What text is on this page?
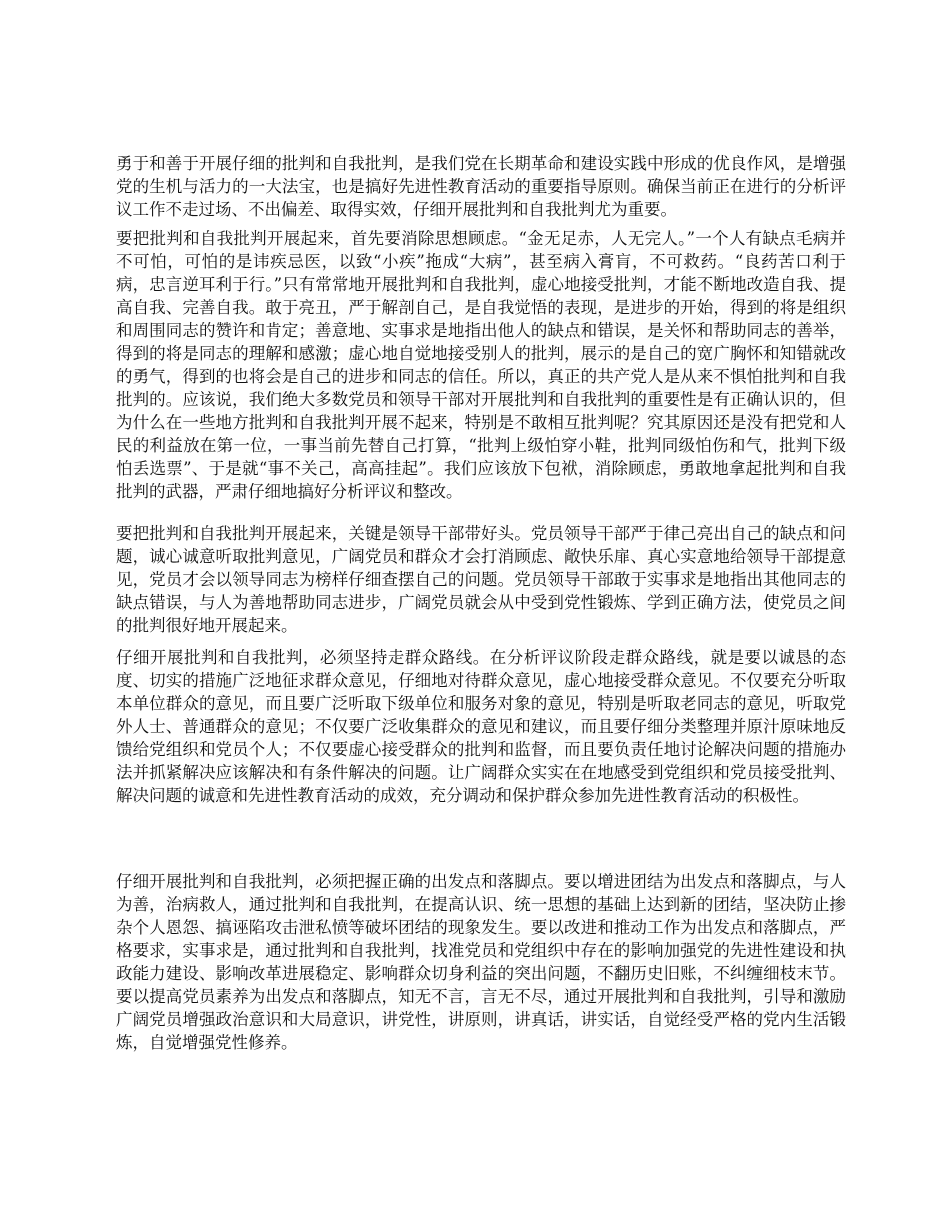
勇于和善于开展仔细的批判和自我批判，是我们党在长期革命和建设实践中形成的优良作风，是增强党的生机与活力的一大法宝，也是搞好先进性教育活动的重要指导原则。确保当前正在进行的分析评议工作不走过场、不出偏差、取得实效，仔细开展批判和自我批判尤为重要。

要把批判和自我批判开展起来，首先要消除思想顾虑。“金无足赤，人无完人。”一个人有缺点毛病并不可怕，可怕的是讳疾忌医，以致“小疾”拖成“大病”，甚至病入膏肓，不可救药。“良药苦口利于病，忠言逆耳利于行。”只有常常地开展批判和自我批判，虚心地接受批判，才能不断地改造自我、提高自我、完善自我。敢于亮丑，严于解剖自己，是自我觉悟的表现，是进步的开始，得到的将是组织和周围同志的赞许和肯定；善意地、实事求是地指出他人的缺点和错误，是关怀和帮助同志的善举，得到的将是同志的理解和感激；虚心地自觉地接受别人的批判，展示的是自己的宽广胸怀和知错就改的勇气，得到的也将会是自己的进步和同志的信任。所以，真正的共产党人是从来不惧怕批判和自我批判的。应该说，我们绝大多数党员和领导干部对开展批判和自我批判的重要性是有正确认识的，但为什么在一些地方批判和自我批判开展不起来，特别是不敢相互批判呢？究其原因还是没有把党和人民的利益放在第一位，一事当前先替自己打算，“批判上级怕穿小鞋，批判同级怕伤和气，批判下级怕丢选票”、于是就“事不关己，高高挂起”。我们应该放下包袱，消除顾虑，勇敢地拿起批判和自我批判的武器，严肃仔细地搞好分析评议和整改。

要把批判和自我批判开展起来，关键是领导干部带好头。党员领导干部严于律己亮出自己的缺点和问题，诚心诚意听取批判意见，广阔党员和群众才会打消顾虑、敞快乐扉、真心实意地给领导干部提意见，党员才会以领导同志为榜样仔细查摆自己的问题。党员领导干部敢于实事求是地指出其他同志的缺点错误，与人为善地帮助同志进步，广阔党员就会从中受到党性锻炼、学到正确方法，使党员之间的批判很好地开展起来。

仔细开展批判和自我批判，必须坚持走群众路线。在分析评议阶段走群众路线，就是要以诚恳的态度、切实的措施广泛地征求群众意见，仔细地对待群众意见，虚心地接受群众意见。不仅要充分听取本单位群众的意见，而且要广泛听取下级单位和服务对象的意见，特别是听取老同志的意见，听取党外人士、普通群众的意见；不仅要广泛收集群众的意见和建议，而且要仔细分类整理并原汁原味地反馈给党组织和党员个人；不仅要虚心接受群众的批判和监督，而且要负责任地讨论解决问题的措施办法并抓紧解决应该解决和有条件解决的问题。让广阔群众实实在在地感受到党组织和党员接受批判、解决问题的诚意和先进性教育活动的成效，充分调动和保护群众参加先进性教育活动的积极性。

仔细开展批判和自我批判，必须把握正确的出发点和落脚点。要以增进团结为出发点和落脚点，与人为善，治病救人，通过批判和自我批判，在提高认识、统一思想的基础上达到新的团结，坚决防止掺杂个人恩怨、搞诬陷攻击泄私愤等破坏团结的现象发生。要以改进和推动工作为出发点和落脚点，严格要求，实事求是，通过批判和自我批判，找准党员和党组织中存在的影响加强党的先进性建设和执政能力建设、影响改革进展稳定、影响群众切身利益的突出问题，不翻历史旧账，不纠缠细枝末节。要以提高党员素养为出发点和落脚点，知无不言，言无不尽，通过开展批判和自我批判，引导和激励广阔党员增强政治意识和大局意识，讲党性，讲原则，讲真话，讲实话，自觉经受严格的党内生活锻炼，自觉增强党性修养。
